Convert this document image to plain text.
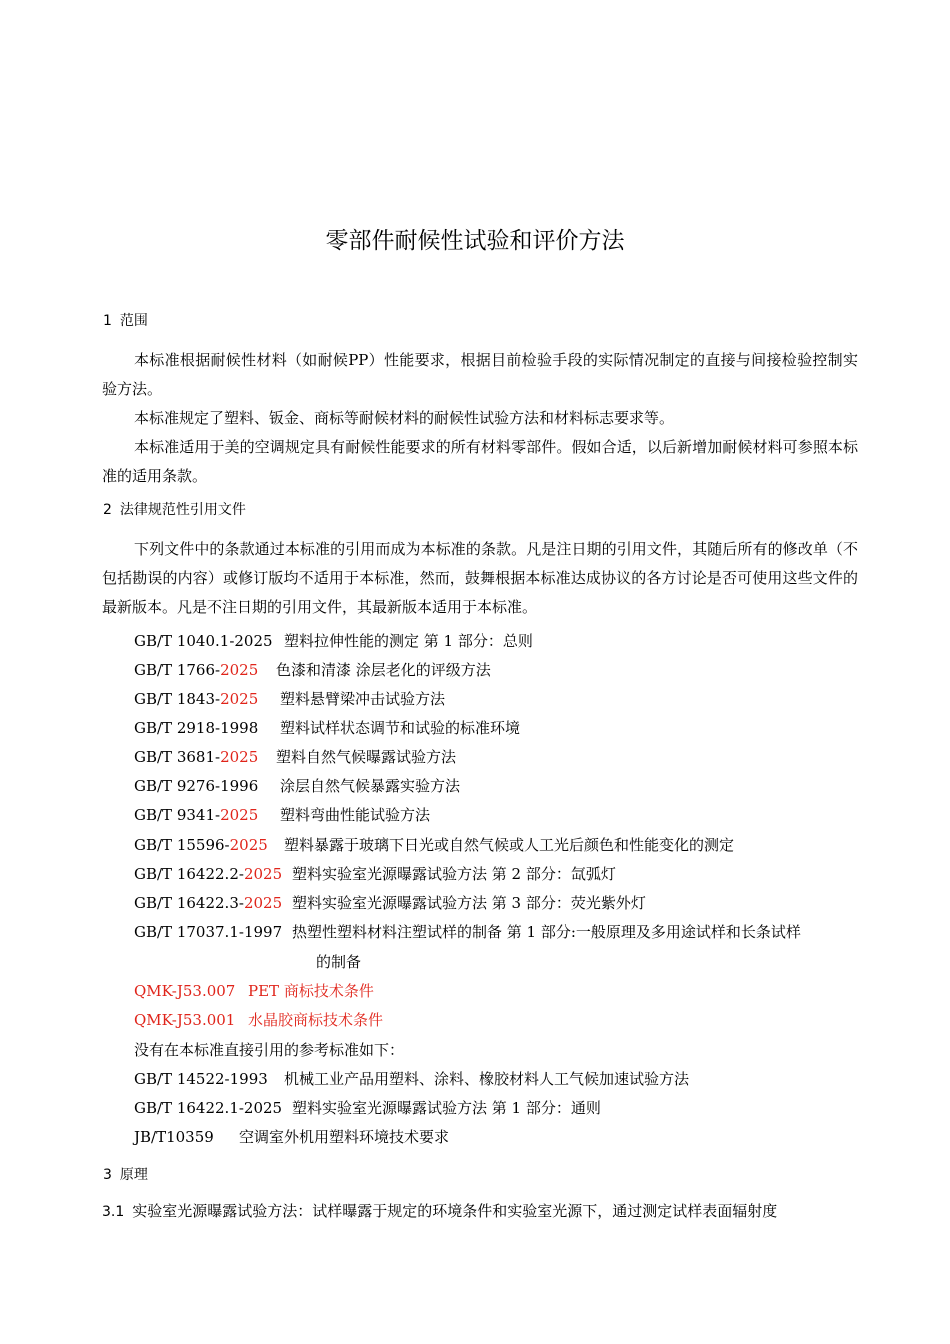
零部件耐候性试验和评价方法
1 范围

本标准根据耐候性材料（如耐候PP）性能要求，根据目前检验手段的实际情况制定的直接与间接检验控制实验方法。

本标准规定了塑料、钣金、商标等耐候材料的耐候性试验方法和材料标志要求等。

本标准适用于美的空调规定具有耐候性能要求的所有材料零部件。假如合适，以后新增加耐候材料可参照本标准的适用条款。

2 法律规范性引用文件

下列文件中的条款通过本标准的引用而成为本标准的条款。凡是注日期的引用文件，其随后所有的修改单（不包括勘误的内容）或修订版均不适用于本标准，然而，鼓舞根据本标准达成协议的各方讨论是否可使用这些文件的最新版本。凡是不注日期的引用文件，其最新版本适用于本标准。

GB/T 1040.1-2025 塑料拉伸性能的测定 第 1 部分：总则
GB/T 1766-2025 色漆和清漆 涂层老化的评级方法
GB/T 1843-2025 塑料悬臂梁冲击试验方法
GB/T 2918-1998 塑料试样状态调节和试验的标准环境
GB/T 3681-2025 塑料自然气候曝露试验方法
GB/T 9276-1996 涂层自然气候暴露实验方法
GB/T 9341-2025 塑料弯曲性能试验方法
GB/T 15596-2025 塑料暴露于玻璃下日光或自然气候或人工光后颜色和性能变化的测定
GB/T 16422.2-2025 塑料实验室光源曝露试验方法 第 2 部分：氙弧灯
GB/T 16422.3-2025 塑料实验室光源曝露试验方法 第 3 部分：荧光紫外灯
GB/T 17037.1-1997 热塑性塑料材料注塑试样的制备 第 1 部分:一般原理及多用途试样和长条试样
的制备
QMK-J53.007 PET 商标技术条件
QMK-J53.001 水晶胶商标技术条件
没有在本标准直接引用的参考标准如下：
GB/T 14522-1993 机械工业产品用塑料、涂料、橡胶材料人工气候加速试验方法
GB/T 16422.1-2025 塑料实验室光源曝露试验方法 第 1 部分：通则
JB/T10359 空调室外机用塑料环境技术要求
3 原理
3.1 实验室光源曝露试验方法：试样曝露于规定的环境条件和实验室光源下，通过测定试样表面辐射度
